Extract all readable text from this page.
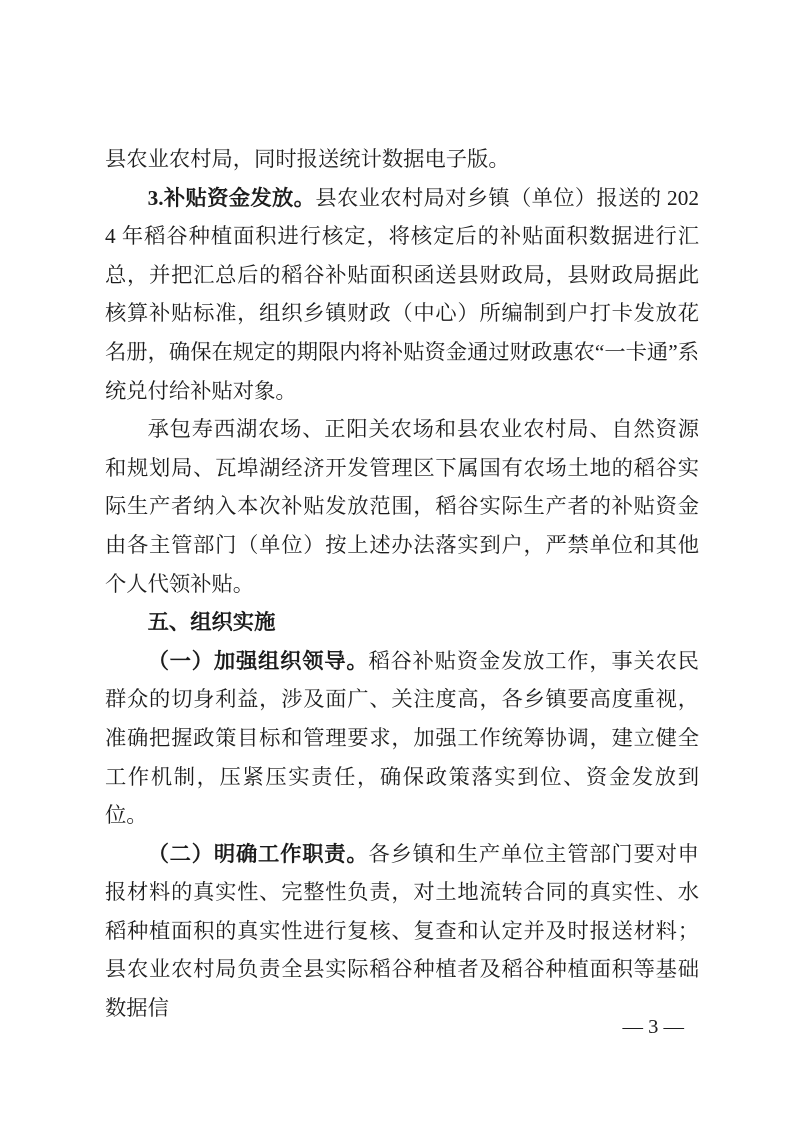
县农业农村局，同时报送统计数据电子版。

3.补贴资金发放。县农业农村局对乡镇（单位）报送的 2024 年稻谷种植面积进行核定，将核定后的补贴面积数据进行汇总，并把汇总后的稻谷补贴面积函送县财政局，县财政局据此核算补贴标准，组织乡镇财政（中心）所编制到户打卡发放花名册，确保在规定的期限内将补贴资金通过财政惠农“一卡通”系统兑付给补贴对象。

承包寿西湖农场、正阳关农场和县农业农村局、自然资源和规划局、瓦埠湖经济开发管理区下属国有农场土地的稻谷实际生产者纳入本次补贴发放范围，稻谷实际生产者的补贴资金由各主管部门（单位）按上述办法落实到户，严禁单位和其他个人代领补贴。

五、组织实施

（一）加强组织领导。稻谷补贴资金发放工作，事关农民群众的切身利益，涉及面广、关注度高，各乡镇要高度重视，准确把握政策目标和管理要求，加强工作统筹协调，建立健全工作机制，压紧压实责任，确保政策落实到位、资金发放到位。

（二）明确工作职责。各乡镇和生产单位主管部门要对申报材料的真实性、完整性负责，对土地流转合同的真实性、水稻种植面积的真实性进行复核、复查和认定并及时报送材料；县农业农村局负责全县实际稻谷种植者及稻谷种植面积等基础数据信

— 3 —
